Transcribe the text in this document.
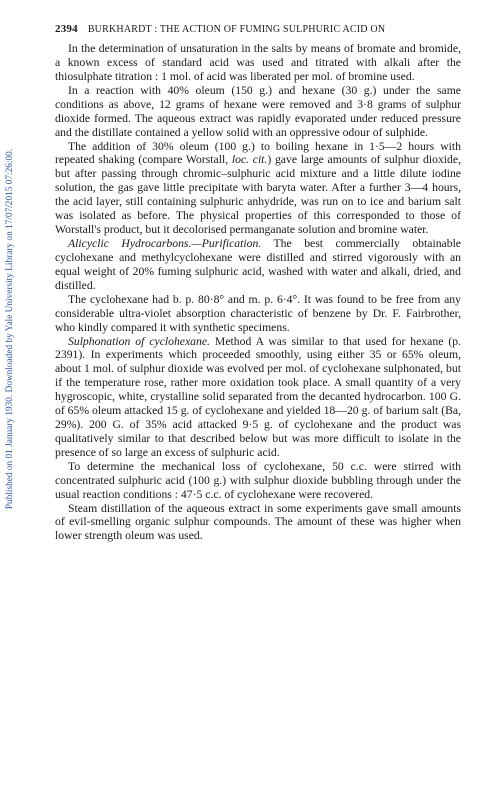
Published on 01 January 1930. Downloaded by Yale University Library on 17/07/2015 07:26:00.
2394 BURKHARDT : THE ACTION OF FUMING SULPHURIC ACID ON

In the determination of unsaturation in the salts by means of bromate and bromide, a known excess of standard acid was used and titrated with alkali after the thiosulphate titration : 1 mol. of acid was liberated per mol. of bromine used.

In a reaction with 40% oleum (150 g.) and hexane (30 g.) under the same conditions as above, 12 grams of hexane were removed and 3·8 grams of sulphur dioxide formed. The aqueous extract was rapidly evaporated under reduced pressure and the distillate contained a yellow solid with an oppressive odour of sulphide.

The addition of 30% oleum (100 g.) to boiling hexane in 1·5—2 hours with repeated shaking (compare Worstall, loc. cit.) gave large amounts of sulphur dioxide, but after passing through chromic–sulphuric acid mixture and a little dilute iodine solution, the gas gave little precipitate with baryta water. After a further 3—4 hours, the acid layer, still containing sulphuric anhydride, was run on to ice and barium salt was isolated as before. The physical properties of this corresponded to those of Worstall's product, but it decolorised permanganate solution and bromine water.

Alicyclic Hydrocarbons.—Purification. The best commercially obtainable cyclohexane and methylcyclohexane were distilled and stirred vigorously with an equal weight of 20% fuming sulphuric acid, washed with water and alkali, dried, and distilled.

The cyclohexane had b. p. 80·8° and m. p. 6·4°. It was found to be free from any considerable ultra-violet absorption characteristic of benzene by Dr. F. Fairbrother, who kindly compared it with synthetic specimens.

Sulphonation of cyclohexane. Method A was similar to that used for hexane (p. 2391). In experiments which proceeded smoothly, using either 35 or 65% oleum, about 1 mol. of sulphur dioxide was evolved per mol. of cyclohexane sulphonated, but if the temperature rose, rather more oxidation took place. A small quantity of a very hygroscopic, white, crystalline solid separated from the decanted hydrocarbon. 100 G. of 65% oleum attacked 15 g. of cyclohexane and yielded 18—20 g. of barium salt (Ba, 29%). 200 G. of 35% acid attacked 9·5 g. of cyclohexane and the product was qualitatively similar to that described below but was more difficult to isolate in the presence of so large an excess of sulphuric acid.

To determine the mechanical loss of cyclohexane, 50 c.c. were stirred with concentrated sulphuric acid (100 g.) with sulphur dioxide bubbling through under the usual reaction conditions : 47·5 c.c. of cyclohexane were recovered.

Steam distillation of the aqueous extract in some experiments gave small amounts of evil-smelling organic sulphur compounds. The amount of these was higher when lower strength oleum was used.
